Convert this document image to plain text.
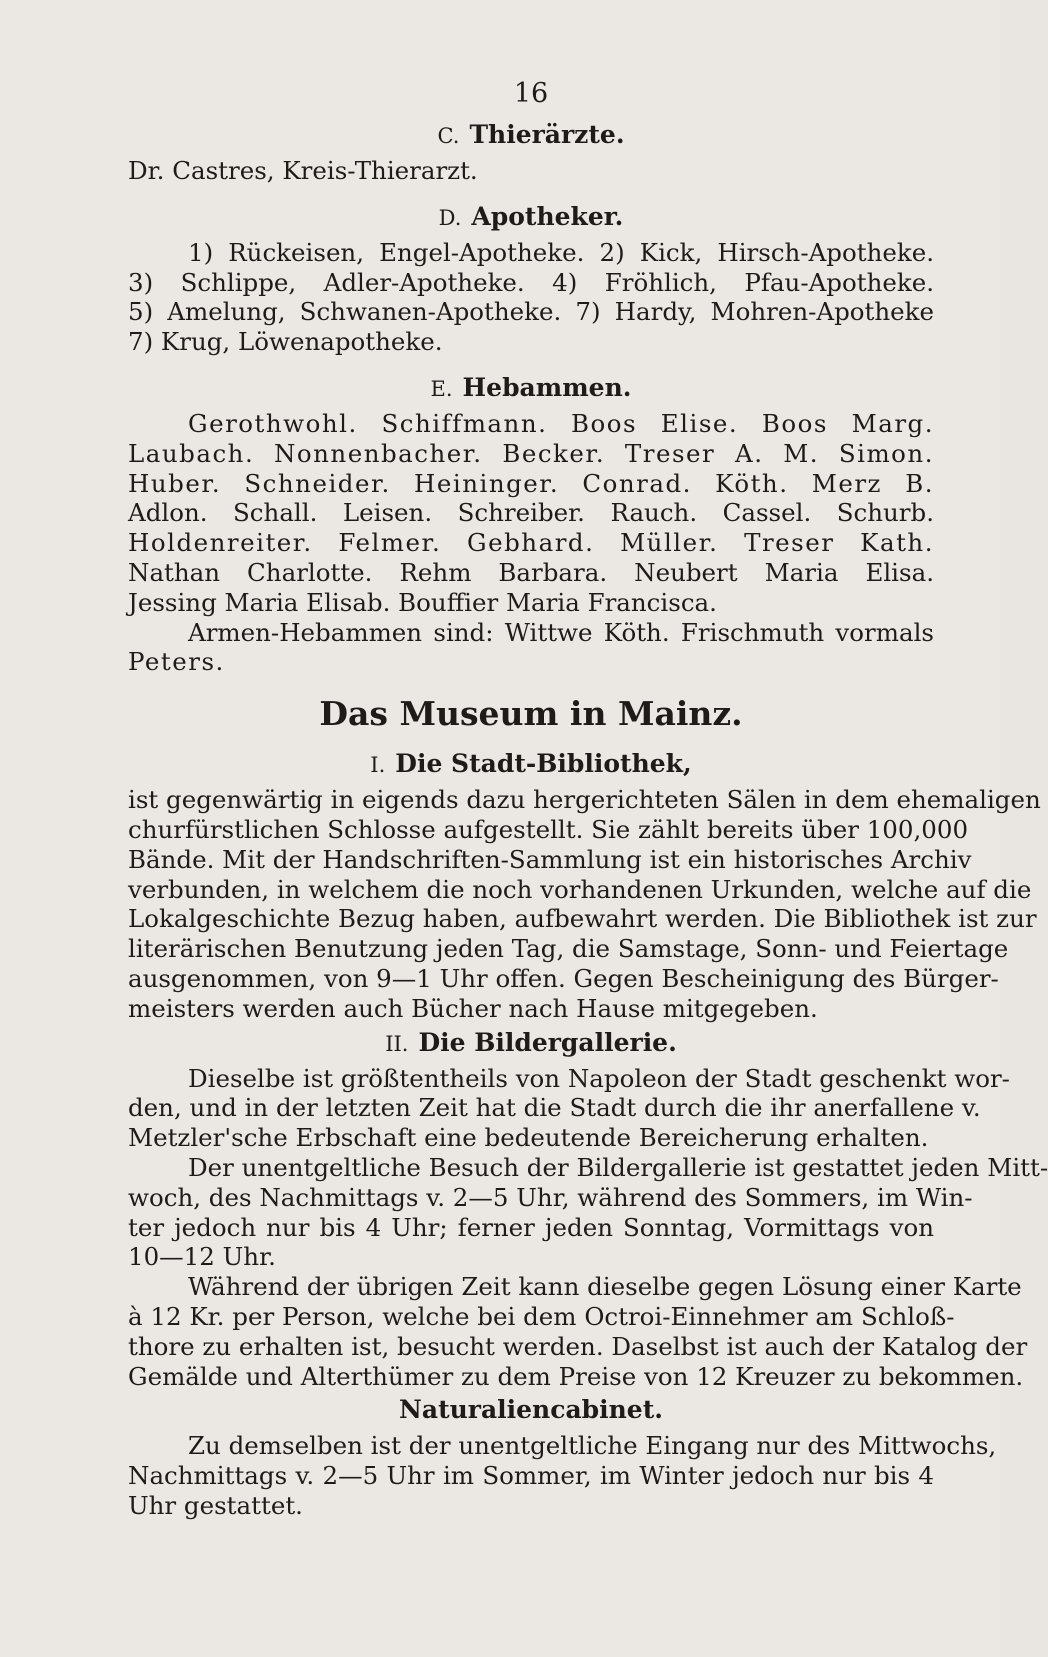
16
C. Thierärzte.
Dr. Castres, Kreis-Thierarzt.
D. Apotheker.
1) Rückeisen, Engel-Apotheke. 2) Kick, Hirsch-Apotheke.
3) Schlippe, Adler-Apotheke. 4) Fröhlich, Pfau-Apotheke.
5) Amelung, Schwanen-Apotheke. 7) Hardy, Mohren-Apotheke
7) Krug, Löwenapotheke.
E. Hebammen.
Gerothwohl. Schiffmann. Boos Elise. Boos Marg.
Laubach. Nonnenbacher. Becker. Treser A. M. Simon.
Huber. Schneider. Heininger. Conrad. Köth. Merz B.
Adlon. Schall. Leisen. Schreiber. Rauch. Cassel. Schurb.
Holdenreiter. Felmer. Gebhard. Müller. Treser Kath.
Nathan Charlotte. Rehm Barbara. Neubert Maria Elisa.
Jessing Maria Elisab. Bouffier Maria Francisca.
Armen-Hebammen sind: Wittwe Köth. Frischmuth vormals
Peters.
Das Museum in Mainz.
I. Die Stadt-Bibliothek,
ist gegenwärtig in eigends dazu hergerichteten Sälen in dem ehemaligen
churfürstlichen Schlosse aufgestellt. Sie zählt bereits über 100,000
Bände. Mit der Handschriften-Sammlung ist ein historisches Archiv
verbunden, in welchem die noch vorhandenen Urkunden, welche auf die
Lokalgeschichte Bezug haben, aufbewahrt werden. Die Bibliothek ist zur
literärischen Benutzung jeden Tag, die Samstage, Sonn- und Feiertage
ausgenommen, von 9—1 Uhr offen. Gegen Bescheinigung des Bürger-
meisters werden auch Bücher nach Hause mitgegeben.
II. Die Bildergallerie.
Dieselbe ist größtentheils von Napoleon der Stadt geschenkt wor-
den, und in der letzten Zeit hat die Stadt durch die ihr anerfallene v.
Metzler'sche Erbschaft eine bedeutende Bereicherung erhalten.
Der unentgeltliche Besuch der Bildergallerie ist gestattet jeden Mitt-
woch, des Nachmittags v. 2—5 Uhr, während des Sommers, im Win-
ter jedoch nur bis 4 Uhr; ferner jeden Sonntag, Vormittags von
10—12 Uhr.
Während der übrigen Zeit kann dieselbe gegen Lösung einer Karte
à 12 Kr. per Person, welche bei dem Octroi-Einnehmer am Schloß-
thore zu erhalten ist, besucht werden. Daselbst ist auch der Katalog der
Gemälde und Alterthümer zu dem Preise von 12 Kreuzer zu bekommen.
Naturaliencabinet.
Zu demselben ist der unentgeltliche Eingang nur des Mittwochs,
Nachmittags v. 2—5 Uhr im Sommer, im Winter jedoch nur bis 4
Uhr gestattet.
